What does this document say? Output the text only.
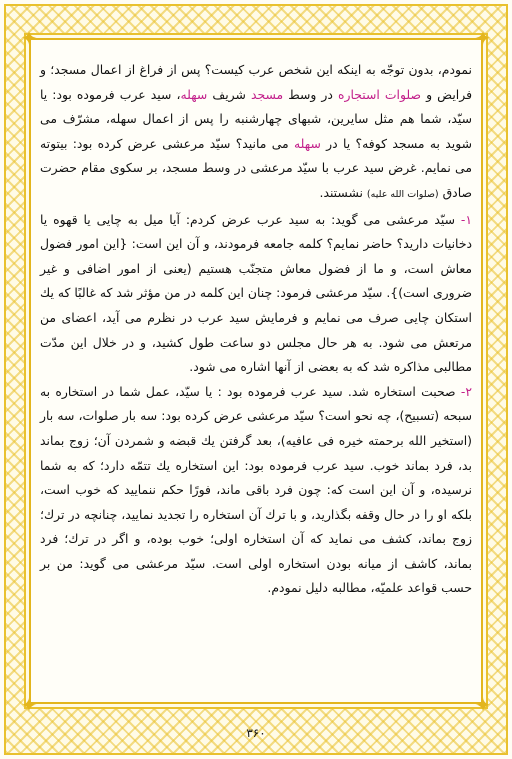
✦	✦
✦	✦

نمودم، بدون توجّه به اینکه این شخص عرب کیست؟ پس از فراغ از اعمال مسجد؛ و فرایض و صلوات استجاره در وسط مسجد شریف سهله، سید عرب فرموده بود: یا سیّد، شما هم مثل سایرین، شبهای چهارشنبه را پس از اعمال سهله، مشرّف می شوید به مسجد کوفه؟ یا در سهله می مانید؟ سیّد مرعشی عرض کرده بود: بیتوته می نمایم. غرض سید عرب با سیّد مرعشی در وسط مسجد، بر سکوی مقام حضرت صادق (صلوات الله علیه) نشستند.

۱- سیّد مرعشی می گوید: به سید عرب عرض کردم: آیا میل به چایی یا قهوه یا دخانیات دارید؟ حاضر نمایم؟ کلمه جامعه فرمودند، و آن این است: {این امور فضول معاش است، و ما از فضول معاش متجنّب هستیم (یعنی از امور اضافی و غیر ضروری است)}. سیّد مرعشی فرمود: چنان این کلمه در من مؤثر شد که غالبًا که یك استکان چایی صرف می نمایم و فرمایش سید عرب در نظرم می آید، اعضای من مرتعش می شود. به هر حال مجلس دو ساعت طول کشید، و در خلال این مدّت مطالبی مذاکره شد که به بعضی از آنها اشاره می شود.

۲- صحبت استخاره شد. سید عرب فرموده بود : یا سیّد، عمل شما در استخاره به سبحه (تسبیح)، چه نحو است؟ سیّد مرعشی عرض کرده بود: سه بار صلوات، سه بار (استخیر الله برحمته خیره فی عافیه)، بعد گرفتن یك قبضه و شمردن آن؛ زوج بماند بد، فرد بماند خوب. سید عرب فرموده بود: این استخاره یك تتمّه دارد؛ که به شما نرسیده، و آن این است که: چون فرد باقی ماند، فورًا حکم ننمایید که خوب است، بلکه او را در حال وقفه بگذارید، و با ترك آن استخاره را تجدید نمایید، چنانچه در ترك؛ زوج بماند، کشف می نماید که آن استخاره اولی؛ خوب بوده، و اگر در ترك؛ فرد بماند، کاشف از میانه بودن استخاره اولی است. سیّد مرعشی می گوید: من بر حسب قواعد علمیّه، مطالبه دلیل نمودم.

۳۶۰
